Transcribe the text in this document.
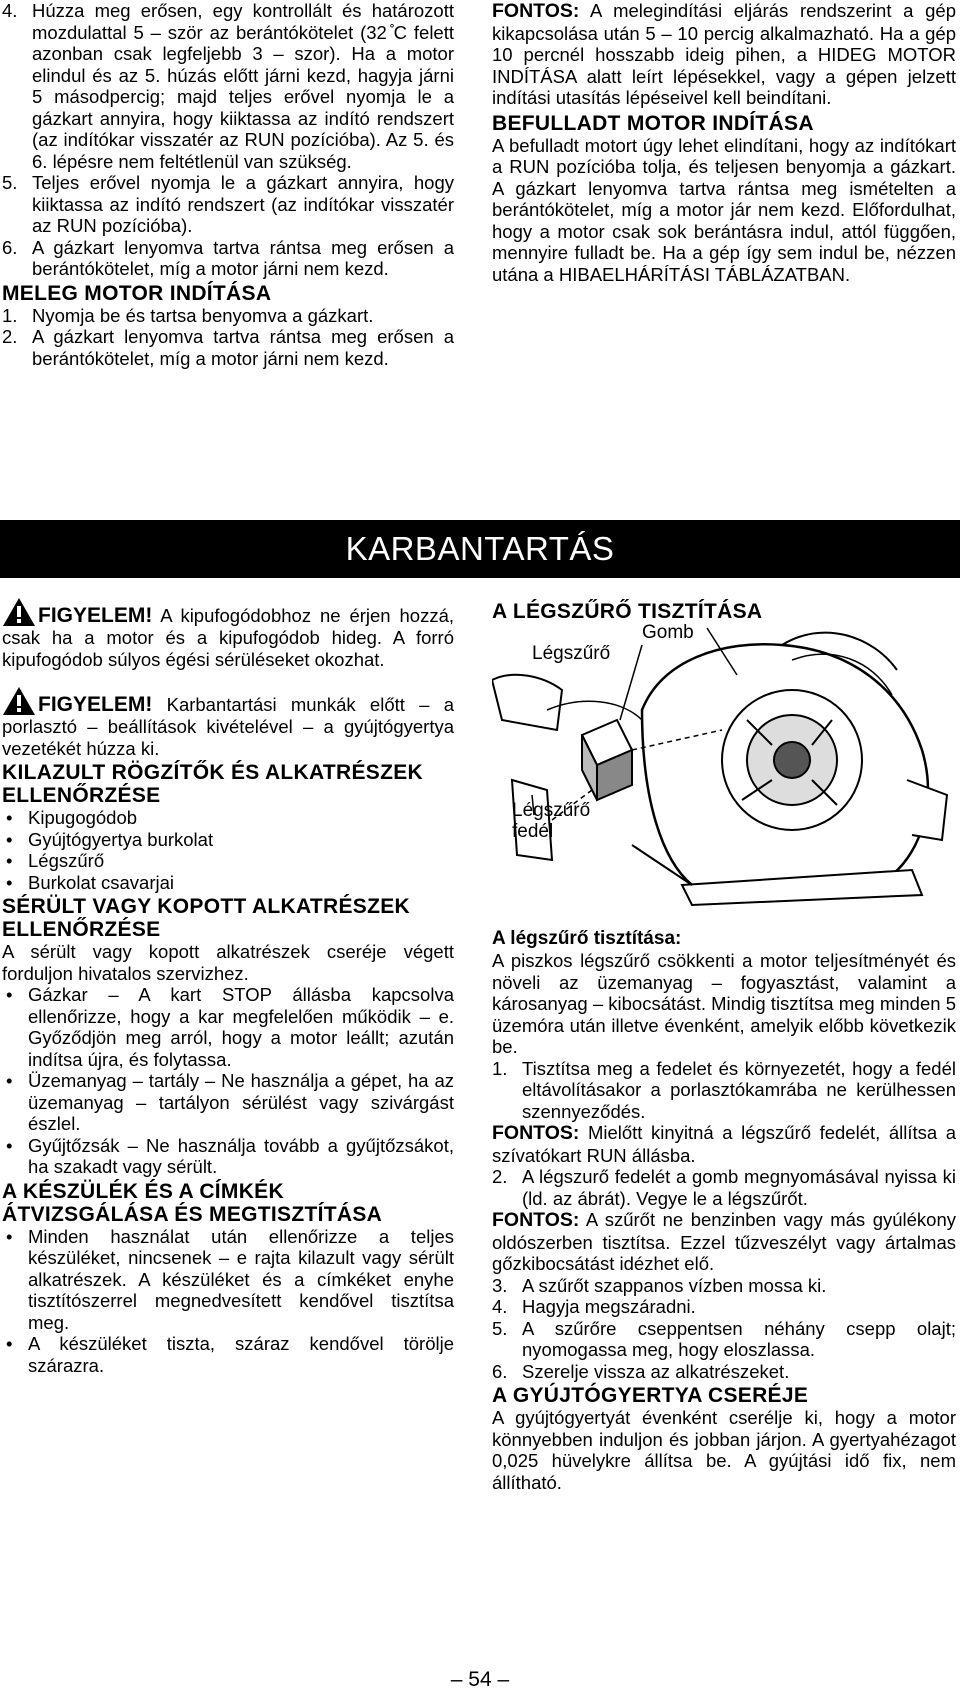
4. Húzza meg erősen, egy kontrollált és határozott mozdulattal 5 – ször az berántókötelet (32 ̊C felett azonban csak legfeljebb 3 – szor). Ha a motor elindul és az 5. húzás előtt járni kezd, hagyja járni 5 másodpercig; majd teljes erővel nyomja le a gázkart annyira, hogy kiiktassa az indító rendszert (az indítókar visszatér az RUN pozícióba). Az 5. és 6. lépésre nem feltétlenül van szükség.
5. Teljes erővel nyomja le a gázkart annyira, hogy kiiktassa az indító rendszert (az indítókar visszatér az RUN pozícióba).
6. A gázkart lenyomva tartva rántsa meg erősen a berántókötelet, míg a motor járni nem kezd.
MELEG MOTOR INDÍTÁSA
1. Nyomja be és tartsa benyomva a gázkart.
2. A gázkart lenyomva tartva rántsa meg erősen a berántókötelet, míg a motor járni nem kezd.

FONTOS: A melegindítási eljárás rendszerint a gép kikapcsolása után 5 – 10 percig alkalmazható. Ha a gép 10 percnél hosszabb ideig pihen, a HIDEG MOTOR INDÍTÁSA alatt leírt lépésekkel, vagy a gépen jelzett indítási utasítás lépéseivel kell beindítani.

BEFULLADT MOTOR INDÍTÁSA

A befulladt motort úgy lehet elindítani, hogy az indítókart a RUN pozícióba tolja, és teljesen benyomja a gázkart. A gázkart lenyomva tartva rántsa meg ismételten a berántókötelet, míg a motor jár nem kezd. Előfordulhat, hogy a motor csak sok berántásra indul, attól függően, mennyire fulladt be. Ha a gép így sem indul be, nézzen utána a HIBAELHÁRÍTÁSI TÁBLÁZATBAN.

KARBANTARTÁS

FIGYELEM! A kipufogódobhoz ne érjen hozzá, csak ha a motor és a kipufogódob hideg. A forró kipufogódob súlyos égési sérüléseket okozhat.

FIGYELEM! Karbantartási munkák előtt – a porlasztó – beállítások kivételével – a gyújtógyertya vezetékét húzza ki.

KILAZULT RÖGZÍTŐK ÉS ALKATRÉSZEK ELLENŐRZÉSE
• Kipugogódob
• Gyújtógyertya burkolat
• Légszűrő
• Burkolat csavarjai
SÉRÜLT VAGY KOPOTT ALKATRÉSZEK ELLENŐRZÉSE

A sérült vagy kopott alkatrészek cseréje végett forduljon hivatalos szervizhez.

• Gázkar – A kart STOP állásba kapcsolva ellenőrizze, hogy a kar megfelelően működik – e. Győződjön meg arról, hogy a motor leállt; azután indítsa újra, és folytassa.
• Üzemanyag – tartály – Ne használja a gépet, ha az üzemanyag – tartályon sérülést vagy szivárgást észlel.
• Gyűjtőzsák – Ne használja tovább a gyűjtőzsákot, ha szakadt vagy sérült.
A KÉSZÜLÉK ÉS A CÍMKÉK ÁTVIZSGÁLÁSA ÉS MEGTISZTÍTÁSA
• Minden használat után ellenőrizze a teljes készüléket, nincsenek – e rajta kilazult vagy sérült alkatrészek. A készüléket és a címkéket enyhe tisztítószerrel megnedvesített kendővel tisztítsa meg.
• A készüléket tiszta, száraz kendővel törölje szárazra.
A LÉGSZŰRŐ TISZTÍTÁSA
Gomb
Légszűrő
Légszűrő
fedél
A légszűrő tisztítása:

A piszkos légszűrő csökkenti a motor teljesítményét és növeli az üzemanyag – fogyasztást, valamint a károsanyag – kibocsátást. Mindig tisztítsa meg minden 5 üzemóra után illetve évenként, amelyik előbb következik be.

1. Tisztítsa meg a fedelet és környezetét, hogy a fedél eltávolításakor a porlasztókamrába ne kerülhessen szennyeződés.

FONTOS: Mielőtt kinyitná a légszűrő fedelét, állítsa a szívatókart RUN állásba.

2. A légszurő fedelét a gomb megnyomásával nyissa ki (ld. az ábrát). Vegye le a légszűrőt.

FONTOS: A szűrőt ne benzinben vagy más gyúlékony oldószerben tisztítsa. Ezzel tűzveszélyt vagy ártalmas gőzkibocsátást idézhet elő.

3. A szűrőt szappanos vízben mossa ki.
4. Hagyja megszáradni.
5. A szűrőre cseppentsen néhány csepp olajt; nyomogassa meg, hogy eloszlassa.
6. Szerelje vissza az alkatrészeket.
A GYÚJTÓGYERTYA CSERÉJE

A gyújtógyertyát évenként cserélje ki, hogy a motor könnyebben induljon és jobban járjon. A gyertyahézagot 0,025 hüvelykre állítsa be. A gyújtási idő fix, nem állítható.

– 54 –
